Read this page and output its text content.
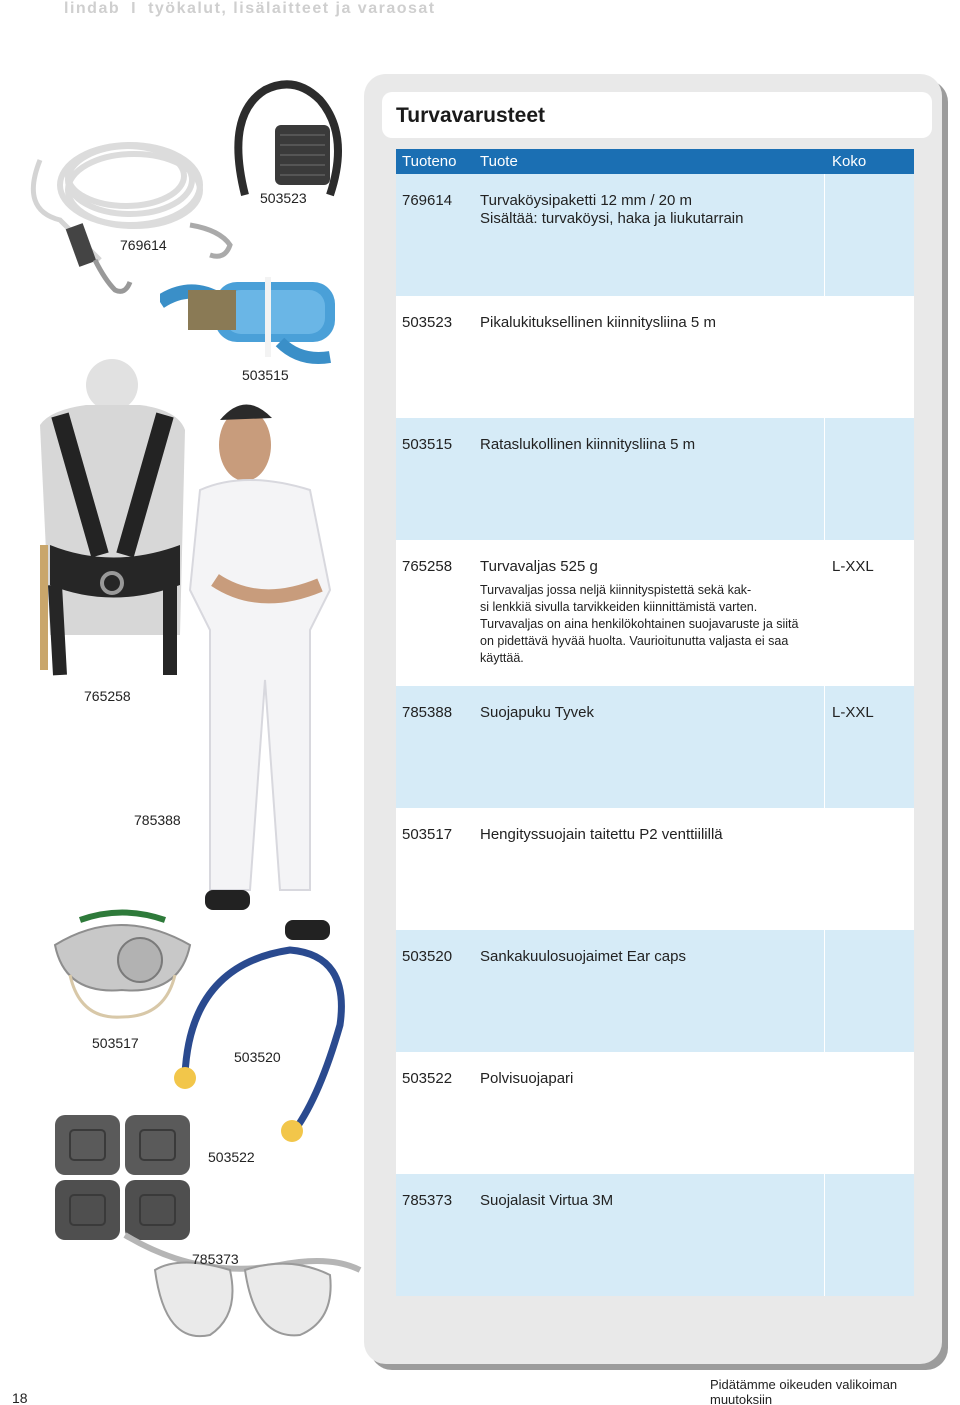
lindab I työkalut, lisälaitteet ja varaosat
Turvavarusteet
Tuoteno Tuote	Koko
769614 Turvaköysipaketti 12 mm / 20 m
Sisältää: turvaköysi, haka ja liukutarrain
503523 Pikalukituksellinen kiinnitysliina 5 m
503515 Rataslukollinen kiinnitysliina 5 m
765258 Turvavaljas 525 g	L-XXL
Turvavaljas jossa neljä kiinnityspistettä sekä kak-
si lenkkiä sivulla tarvikkeiden kiinnittämistä varten. Turvavaljas on aina henkilökohtainen suojavaruste ja siitä on pidettävä hyvää huolta. Vaurioitunutta valjasta ei saa käyttää.
785388 Suojapuku Tyvek	L-XXL
503517 Hengityssuojain taitettu P2 venttiilillä
503520 Sankakuulosuojaimet Ear caps
503522 Polvisuojapari
785373 Suojalasit Virtua 3M
769614
503523
503515
765258
785388
503517
503520
503522
785373
18
Pidätämme oikeuden valikoiman muutoksiin
